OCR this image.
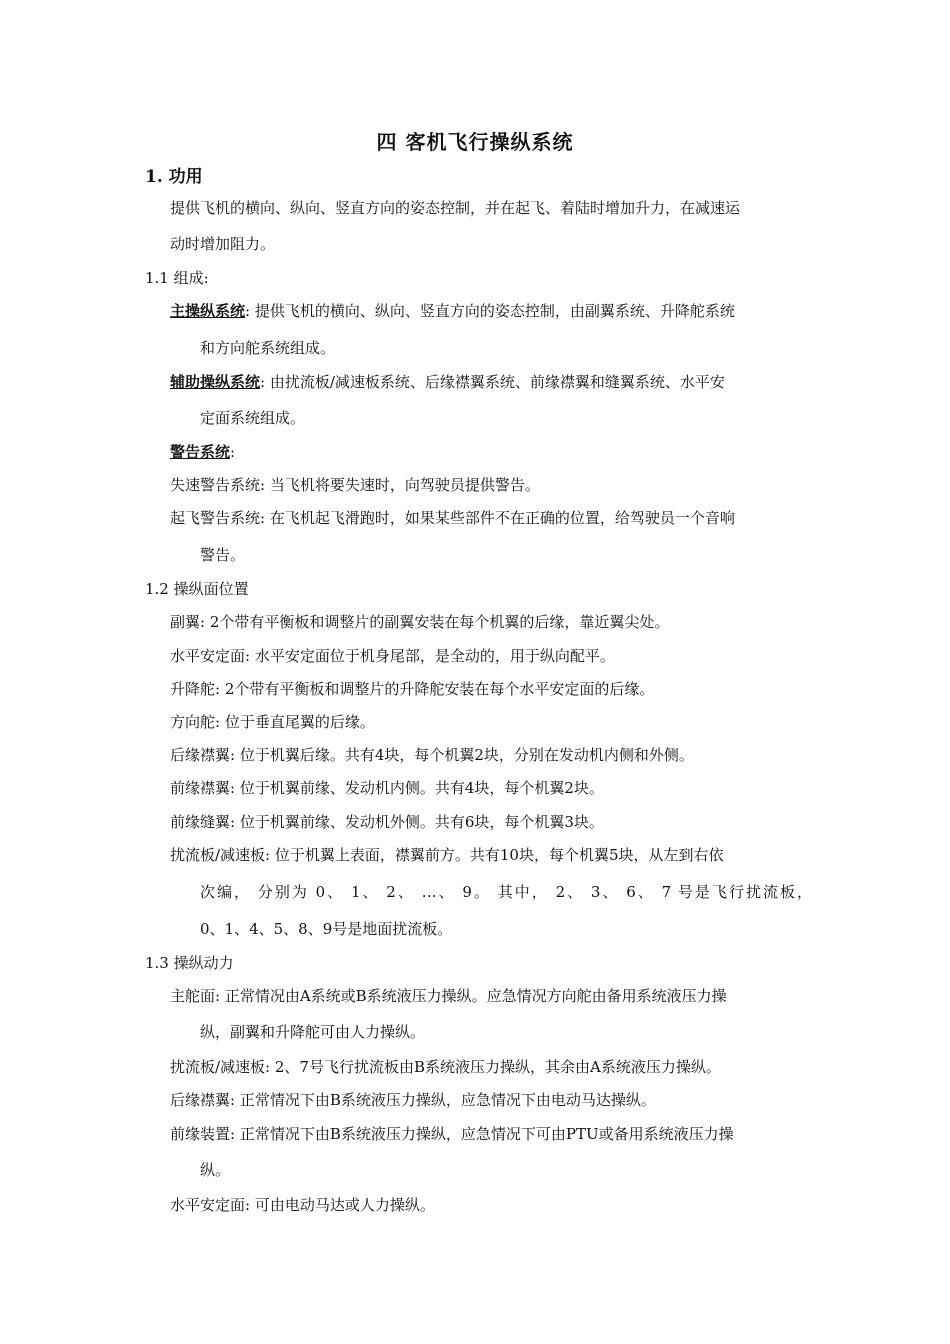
四 客机飞行操纵系统
1. 功用
提供飞机的横向、纵向、竖直方向的姿态控制，并在起飞、着陆时增加升力，在减速运
动时增加阻力。
1.1 组成:
主操纵系统: 提供飞机的横向、纵向、竖直方向的姿态控制，由副翼系统、升降舵系统
和方向舵系统组成。
辅助操纵系统: 由扰流板/减速板系统、后缘襟翼系统、前缘襟翼和缝翼系统、水平安
定面系统组成。
警告系统:
失速警告系统: 当飞机将要失速时，向驾驶员提供警告。
起飞警告系统: 在飞机起飞滑跑时，如果某些部件不在正确的位置，给驾驶员一个音响
警告。
1.2 操纵面位置
副翼: 2个带有平衡板和调整片的副翼安装在每个机翼的后缘，靠近翼尖处。
水平安定面: 水平安定面位于机身尾部，是全动的，用于纵向配平。
升降舵: 2个带有平衡板和调整片的升降舵安装在每个水平安定面的后缘。
方向舵: 位于垂直尾翼的后缘。
后缘襟翼: 位于机翼后缘。共有4块，每个机翼2块，分别在发动机内侧和外侧。
前缘襟翼: 位于机翼前缘、发动机内侧。共有4块，每个机翼2块。
前缘缝翼: 位于机翼前缘、发动机外侧。共有6块，每个机翼3块。
扰流板/减速板: 位于机翼上表面，襟翼前方。共有10块，每个机翼5块，从左到右依
次编， 分别为 0、 1、 2、 …、 9。 其中， 2、 3、 6、 7 号是飞行扰流板，
0、1、4、5、8、9号是地面扰流板。
1.3 操纵动力
主舵面: 正常情况由A系统或B系统液压力操纵。应急情况方向舵由备用系统液压力操
纵，副翼和升降舵可由人力操纵。
扰流板/减速板: 2、7号飞行扰流板由B系统液压力操纵，其余由A系统液压力操纵。
后缘襟翼: 正常情况下由B系统液压力操纵，应急情况下由电动马达操纵。
前缘装置: 正常情况下由B系统液压力操纵，应急情况下可由PTU或备用系统液压力操
纵。
水平安定面: 可由电动马达或人力操纵。
